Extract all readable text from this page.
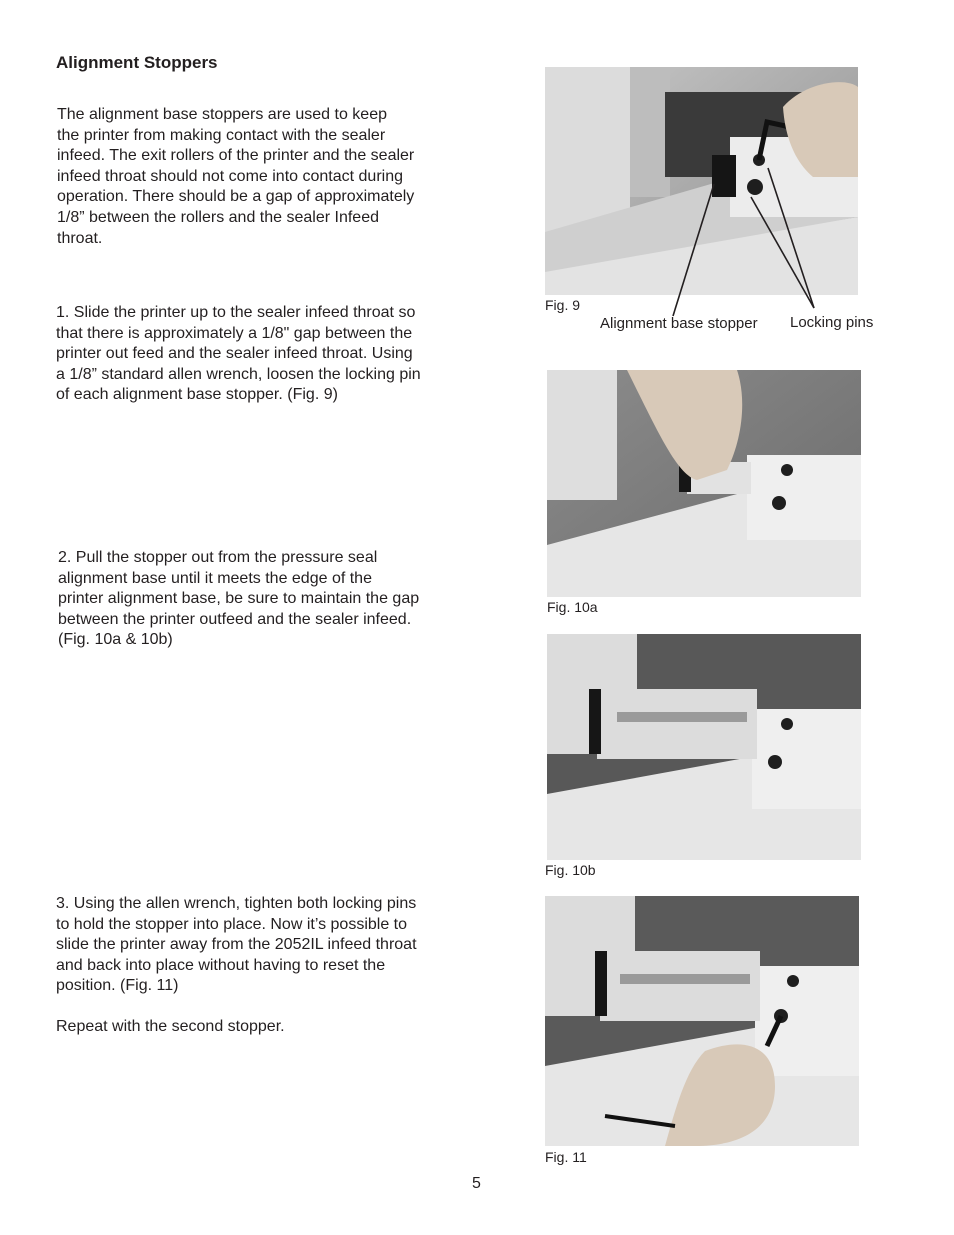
Alignment Stoppers

The alignment base stoppers are used to keep
the printer from making contact with the sealer
infeed. The exit rollers of the printer and the sealer
infeed throat should not come into contact during
operation. There should be a gap of approximately
1/8” between the rollers and the sealer Infeed
throat.

1. Slide the printer up to the sealer infeed throat so
that there is approximately a 1/8" gap between the
printer out feed and the sealer infeed throat. Using
a 1/8” standard allen wrench, loosen the locking pin
of each alignment base stopper. (Fig. 9)

2. Pull the stopper out from the pressure seal
alignment base until it meets the edge of the
printer alignment base, be sure to maintain the gap
between the printer outfeed and the sealer infeed.
(Fig. 10a & 10b)

3. Using the allen wrench, tighten both locking pins
to hold the stopper into place. Now it’s possible to
slide the printer away from the 2052IL infeed throat
and back into place without having to reset the
position. (Fig. 11)

Repeat with the second stopper.

Fig. 9
Alignment base stopper Locking pins
Fig. 10a
Fig. 10b
Fig. 11
5
